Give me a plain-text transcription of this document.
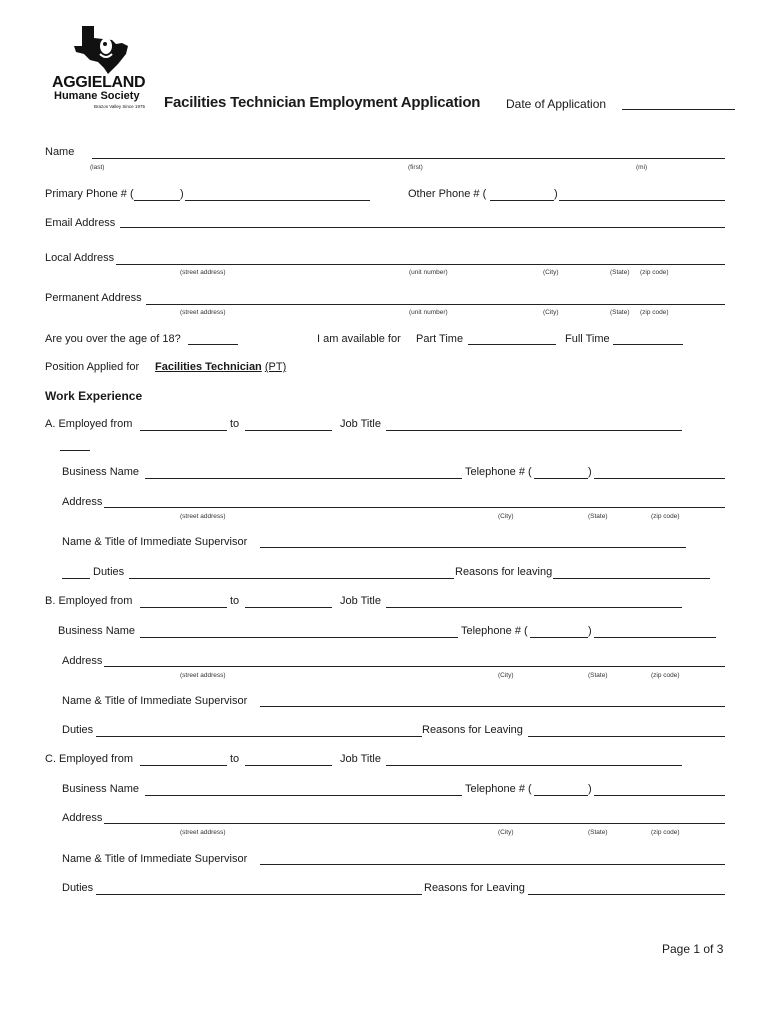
AGGIELAND
Humane Society
Brazos Valley Since 1975 Facilities Technician Employment Application Date of Application
Name
(last)	(first)	(mi)
Primary Phone # (	)	Other Phone # (	)
Email Address
Local Address
(street address)	(unit number)	(City)	(State) (zip code)
Permanent Address
(street address)	(unit number)	(City)	(State) (zip code)
Are you over the age of 18?	I am available for Part Time	Full Time
Position Applied for Facilities Technician (PT)
Work Experience
A. Employed from	to	Job Title
Business Name	Telephone # (	)
Address
(street address)	(City)	(State)	(zip code)
Name & Title of Immediate Supervisor
Duties	Reasons for leaving
B. Employed from	to	Job Title
Business Name	Telephone # (	)
Address
(street address)	(City)	(State)	(zip code)
Name & Title of Immediate Supervisor
Duties	Reasons for Leaving
C. Employed from	to	Job Title
Business Name	Telephone # (	)
Address
(street address)	(City)	(State)	(zip code)
Name & Title of Immediate Supervisor
Duties	Reasons for Leaving
Page 1 of 3
